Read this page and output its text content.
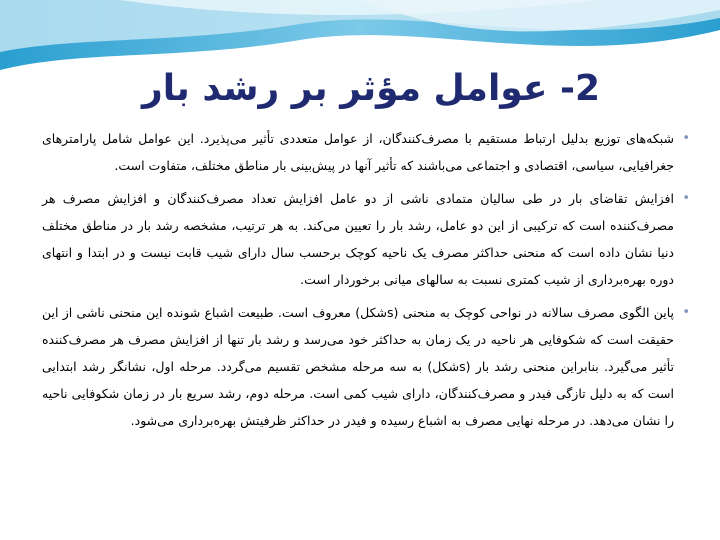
2- عوامل مؤثر بر رشد بار
•
شبکه‌های توزیع بدلیل ارتباط مستقیم با مصرف‌کنندگان، از عوامل متعددی تأثیر می‌پذیرد. این عوامل شامل پارامترهای جغرافیایی، سیاسی، اقتصادی و اجتماعی می‌باشند که تأثیر آنها در پیش‌بینی بار مناطق مختلف، متفاوت است.
•
افزایش تقاضای بار در طی سالیان متمادی ناشی از دو عامل افزایش تعداد مصرف‌کنندگان و افزایش مصرف هر مصرف‌کننده است که ترکیبی از این دو عامل، رشد بار را تعیین می‌کند. به هر ترتیب، مشخصه رشد بار در مناطق مختلف دنیا نشان داده است که منحنی حداکثر مصرف یک ناحیه کوچک برحسب سال دارای شیب قابت نیست و در ابتدا و انتهای دوره بهره‌برداری از شیب کمتری نسبت به سالهای میانی برخوردار است.
•
پاین الگوی مصرف سالانه در نواحی کوچک به منحنی (sشکل) معروف است. طبیعت اشباع شونده این منحنی ناشی از این حقیقت است که شکوفایی هر ناحیه در یک زمان به حداکثر خود می‌رسد و رشد بار تنها از افزایش مصرف هر مصرف‌کننده تأثیر می‌گیرد. بنابراین منحنی رشد بار (sشکل) به سه مرحله مشخص تقسیم می‌گردد. مرحله اول، نشانگر رشد ابتدایی است که به دلیل تازگی فیدر و مصرف‌کنندگان، دارای شیب کمی است. مرحله دوم، رشد سریع بار در زمان شکوفایی ناحیه را نشان می‌دهد. در مرحله نهایی مصرف به اشباع رسیده و فیدر در حداکثر ظرفیتش بهره‌برداری می‌شود.
